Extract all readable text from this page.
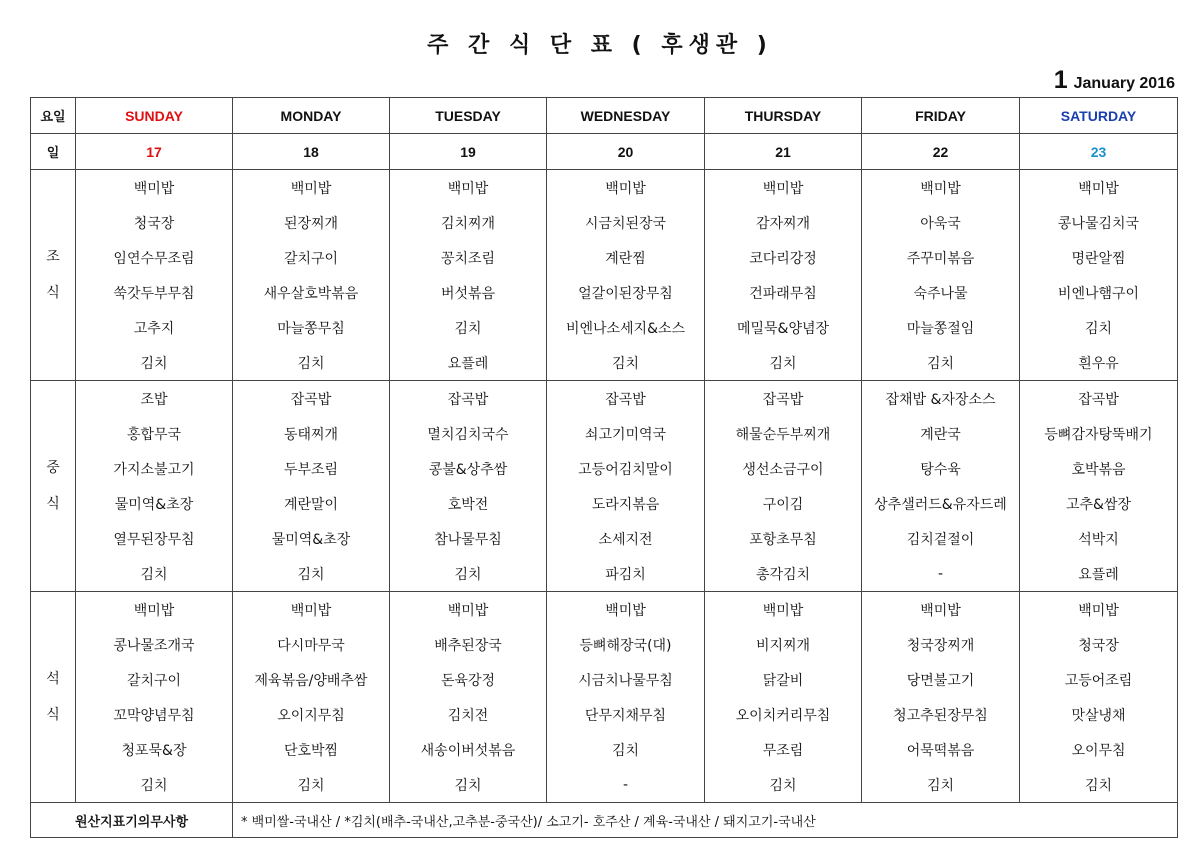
주 간 식 단 표 ( 후생관 )
1 January 2016
요일	SUNDAY	MONDAY	TUESDAY	WEDNESDAY	THURSDAY	FRIDAY	SATURDAY
일	17	18	19	20	21	22	23

조
식	백미밥	백미밥	백미밥	백미밥	백미밥	백미밥	백미밥
	청국장	된장찌개	김치찌개	시금치된장국	감자찌개	아욱국	콩나물김치국
	임연수무조림	갈치구이	꽁치조림	계란찜	코다리강정	주꾸미볶음	명란알찜
	쑥갓두부무침	새우살호박볶음	버섯볶음	얼갈이된장무침	건파래무침	숙주나물	비엔나햄구이
	고추지	마늘쫑무침	김치	비엔나소세지&소스	메밀묵&양념장	마늘쫑절임	김치
	김치	김치	요플레	김치	김치	김치	흰우유

중
식	조밥	잡곡밥	잡곡밥	잡곡밥	잡곡밥	잡채밥 &자장소스	잡곡밥
	홍합무국	동태찌개	멸치김치국수	쇠고기미역국	해물순두부찌개	계란국	등뼈감자탕뚝배기
	가지소불고기	두부조림	콩불&상추쌈	고등어김치말이	생선소금구이	탕수육	호박볶음
	물미역&초장	계란말이	호박전	도라지볶음	구이김	상추샐러드&유자드레	고추&쌈장
	열무된장무침	물미역&초장	참나물무침	소세지전	포항초무침	김치겉절이	석박지
	김치	김치	김치	파김치	총각김치	-	요플레

석
식	백미밥	백미밥	백미밥	백미밥	백미밥	백미밥	백미밥
	콩나물조개국	다시마무국	배추된장국	등뼈해장국(대)	비지찌개	청국장찌개	청국장
	갈치구이	제육볶음/양배추쌈	돈육강정	시금치나물무침	닭갈비	당면불고기	고등어조림
	꼬막양념무침	오이지무침	김치전	단무지채무침	오이치커리무침	청고추된장무침	맛살냉채
	청포묵&장	단호박찜	새송이버섯볶음	김치	무조림	어묵떡볶음	오이무침
	김치	김치	김치	-	김치	김치	김치
원산지표기의무사항		* 백미쌀-국내산 / *김치(배추-국내산,고추분-중국산)/ 소고기- 호주산 / 계육-국내산 / 돼지고기-국내산					
